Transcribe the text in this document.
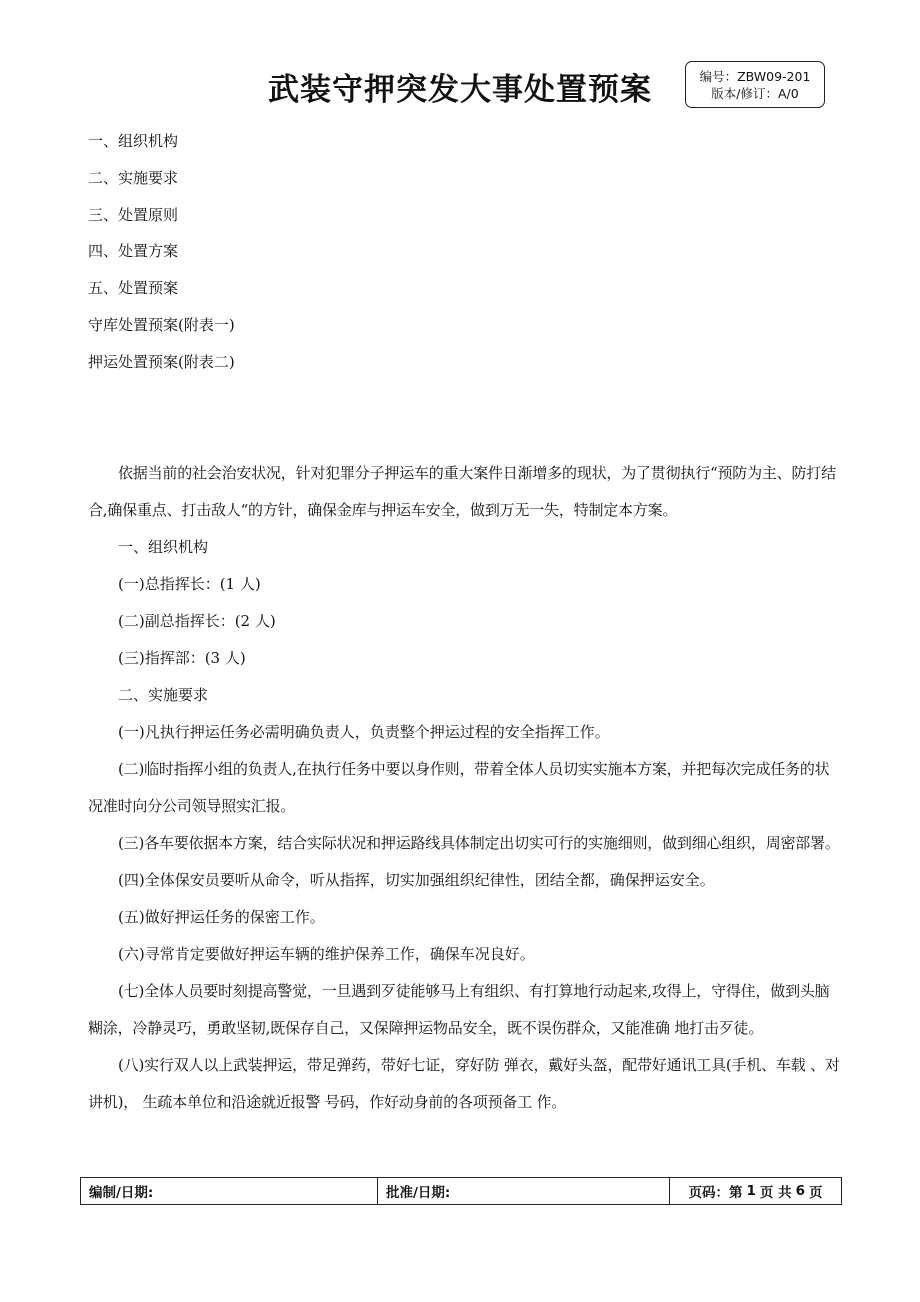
武装守押突发大事处置预案	编号：ZBW09-201
版本/修订：A/0
一、组织机构
二、实施要求
三、处置原则
四、处置方案
五、处置预案
守库处置预案(附表一)
押运处置预案(附表二)
依据当前的社会治安状况，针对犯罪分子押运车的重大案件日渐增多的现状，为了贯彻执行“预防为主、防打结合,确保重点、打击敌人“的方针，确保金库与押运车安全，做到万无一失，特制定本方案。
一、组织机构
(一)总指挥长：(1 人)
(二)副总指挥长：(2 人)
(三)指挥部：(3 人)
二、实施要求
(一)凡执行押运任务必需明确负责人，负责整个押运过程的安全指挥工作。
(二)临时指挥小组的负责人,在执行任务中要以身作则，带着全体人员切实实施本方案，并把每次完成任务的状况准时向分公司领导照实汇报。
(三)各车要依据本方案，结合实际状况和押运路线具体制定出切实可行的实施细则，做到细心组织，周密部署。
(四)全体保安员要听从命令，听从指挥，切实加强组织纪律性，团结全都，确保押运安全。
(五)做好押运任务的保密工作。
(六)寻常肯定要做好押运车辆的维护保养工作，确保车况良好。
(七)全体人员要时刻提高警觉，一旦遇到歹徒能够马上有组织、有打算地行动起来,攻得上，守得住，做到头脑糊涂，冷静灵巧，勇敢坚韧,既保存自己，又保障押运物品安全，既不误伤群众，又能准确 地打击歹徒。
(八)实行双人以上武装押运，带足弹药，带好七证，穿好防 弹衣，戴好头盔，配带好通讯工具(手机、车载 、对讲机)， 生疏本单位和沿途就近报警 号码，作好动身前的各项预备工 作。
编制/日期:	批准/日期:	页码：第 1 页 共 6 页
